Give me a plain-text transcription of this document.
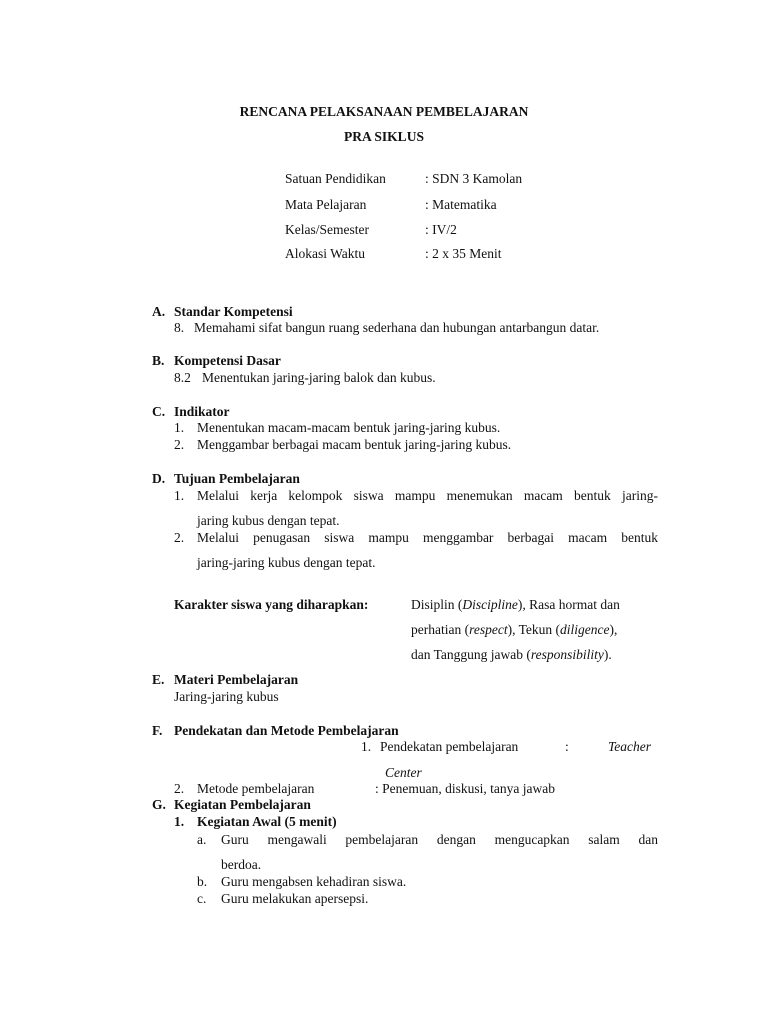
RENCANA PELAKSANAAN PEMBELAJARAN
PRA SIKLUS
Satuan Pendidikan	: SDN 3 Kamolan
Mata Pelajaran	: Matematika
Kelas/Semester	: IV/2
Alokasi Waktu	: 2 x 35 Menit
A. Standar Kompetensi
8. Memahami sifat bangun ruang sederhana dan hubungan antarbangun datar.
B. Kompetensi Dasar
8.2 Menentukan jaring-jaring balok dan kubus.
C. Indikator
1. Menentukan macam-macam bentuk jaring-jaring kubus.
2. Menggambar berbagai macam bentuk jaring-jaring kubus.
D. Tujuan Pembelajaran
1. Melalui kerja kelompok siswa mampu menemukan macam bentuk jaring-
jaring kubus dengan tepat.
2. Melalui penugasan siswa mampu menggambar berbagai macam bentuk
jaring-jaring kubus dengan tepat.
Karakter siswa yang diharapkan:	Disiplin (Discipline), Rasa hormat dan
perhatian (respect), Tekun (diligence),
dan Tanggung jawab (responsibility).
E. Materi Pembelajaran
Jaring-jaring kubus
F. Pendekatan dan Metode Pembelajaran
1. Pendekatan pembelajaran	:	Teacher
Center
2. Metode pembelajaran	: Penemuan, diskusi, tanya jawab
G. Kegiatan Pembelajaran
1. Kegiatan Awal (5 menit)
a. Guru mengawali pembelajaran dengan mengucapkan salam dan
berdoa.
b. Guru mengabsen kehadiran siswa.
c. Guru melakukan apersepsi.
